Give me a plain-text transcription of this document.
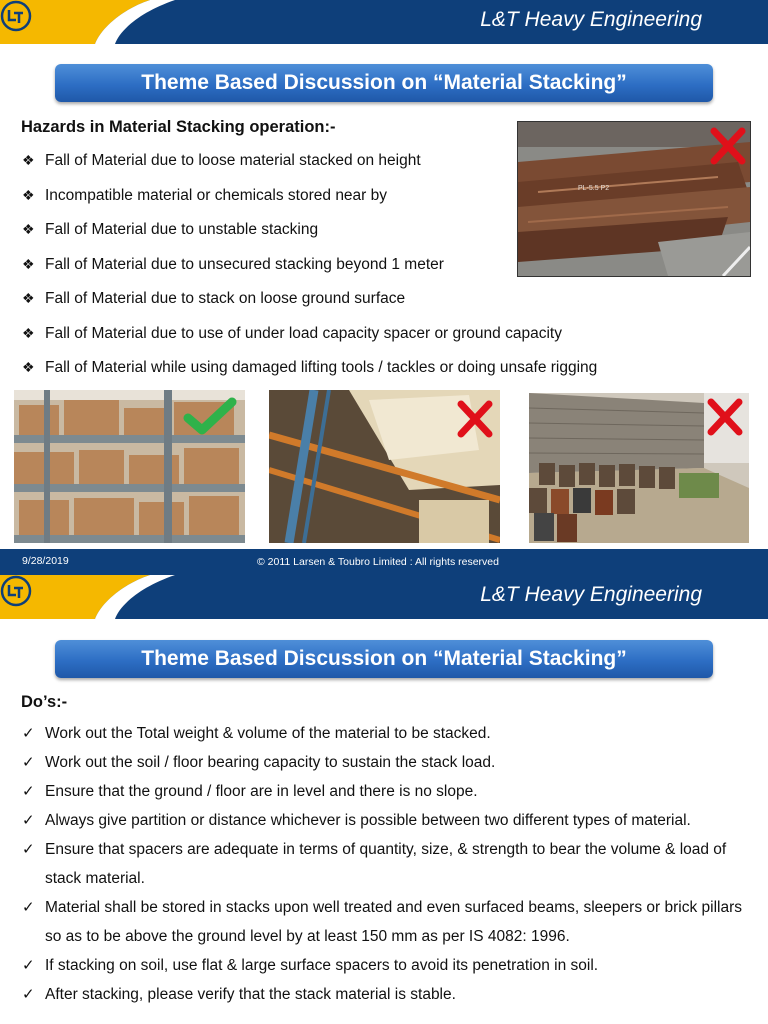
L&T Heavy Engineering
Theme Based Discussion on “Material Stacking”
Hazards in Material Stacking operation:-
❖ Fall of Material due to loose material stacked on height
❖ Incompatible material or chemicals stored near by
❖ Fall of Material due to unstable stacking
❖ Fall of Material due to unsecured stacking beyond 1 meter
❖ Fall of Material due to stack on loose ground surface
❖ Fall of Material due to use of under load capacity spacer or ground capacity
❖ Fall of Material while using damaged lifting tools / tackles or doing unsafe rigging
PL-5.5 P2
9/28/2019	© 2011 Larsen & Toubro Limited : All rights reserved
L&T Heavy Engineering
Theme Based Discussion on “Material Stacking”
Do’s:-
✓ Work out the Total weight & volume of the material to be stacked.
✓ Work out the soil / floor bearing capacity to sustain the stack load.
✓ Ensure that the ground / floor are in level and there is no slope.
✓ Always give partition or distance whichever is possible between two different types of material.
✓ Ensure that spacers are adequate in terms of quantity, size, & strength to bear the volume & load of stack material.
✓ Material shall be stored in stacks upon well treated and even surfaced beams, sleepers or brick pillars so as to be above the ground level by at least 150 mm as per IS 4082: 1996.
✓ If stacking on soil, use flat & large surface spacers to avoid its penetration in soil.
✓ After stacking, please verify that the stack material is stable.
